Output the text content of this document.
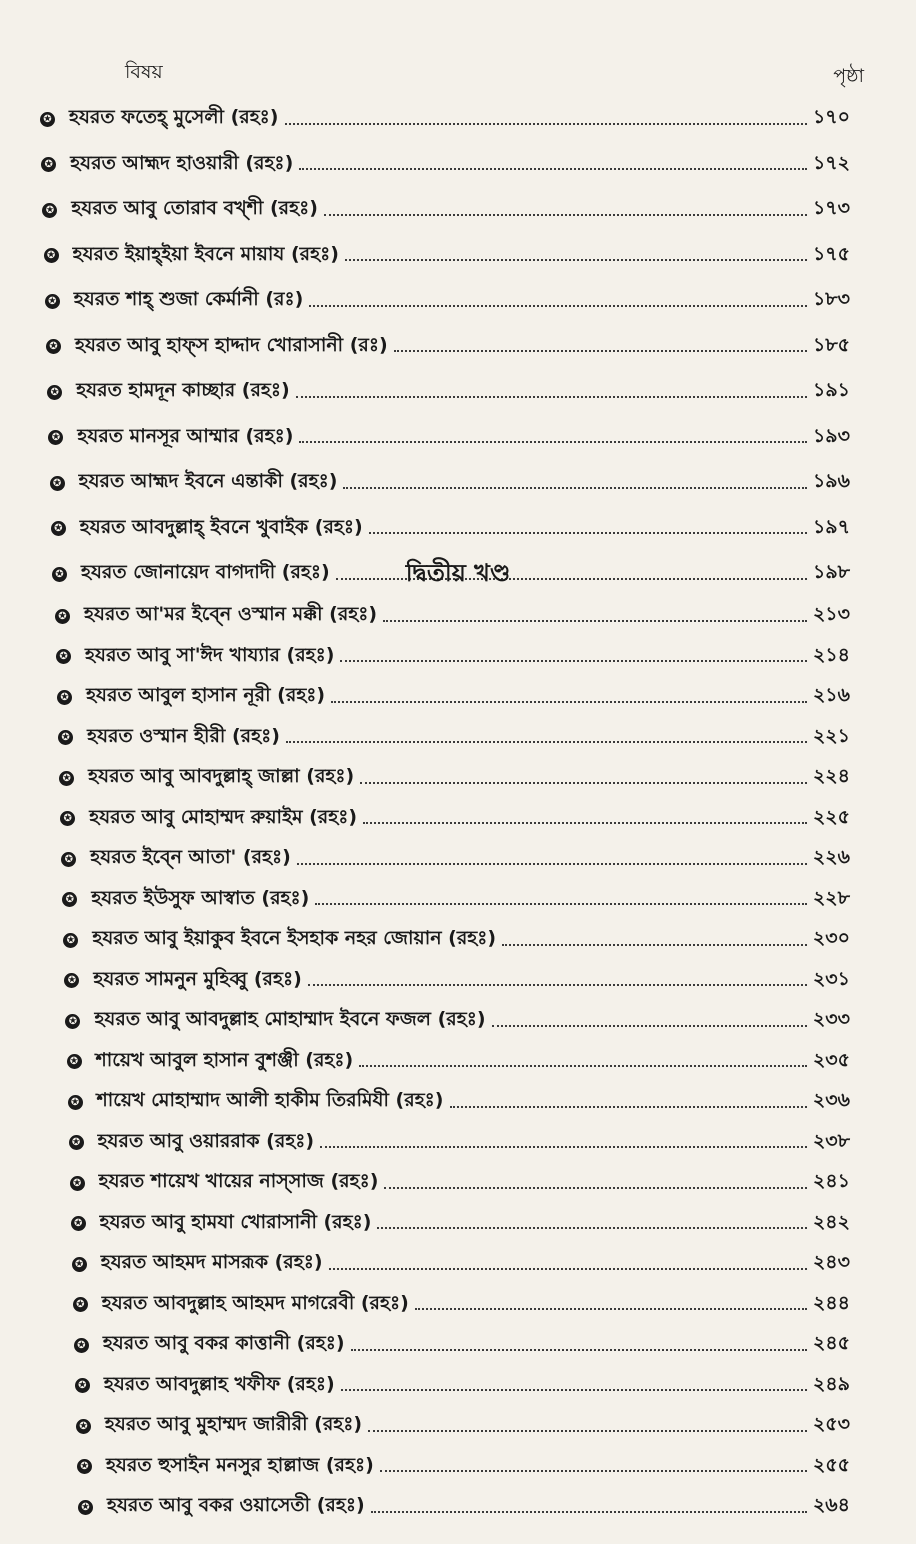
বিষয়	পৃষ্ঠা
✪ হযরত ফতেহ্ মুসেলী (রহঃ)	১৭০
✪ হযরত আহ্মদ হাওয়ারী (রহঃ)	১৭২
✪ হযরত আবু তোরাব বখ্শী (রহঃ)	১৭৩
✪ হযরত ইয়াহ্ইয়া ইবনে মায়ায (রহঃ)	১৭৫
✪ হযরত শাহ্ শুজা কের্মানী (রঃ)	১৮৩
✪ হযরত আবু হাফ্স হাদ্দাদ খোরাসানী (রঃ)	১৮৫
✪ হযরত হামদূন কাচ্ছার (রহঃ)	১৯১
✪ হযরত মানসূর আম্মার (রহঃ)	১৯৩
✪ হযরত আহ্মদ ইবনে এন্তাকী (রহঃ)	১৯৬
✪ হযরত আবদুল্লাহ্ ইবনে খুবাইক (রহঃ)	১৯৭
✪ হযরত জোনায়েদ বাগদাদী (রহঃ)	১৯৮
দ্বিতীয় খণ্ড
✪ হযরত আ'মর ইব্নে ওস্মান মক্কী (রহঃ)	২১৩
✪ হযরত আবু সা'ঈদ খায্যার (রহঃ)	২১৪
✪ হযরত আবুল হাসান নূরী (রহঃ)	২১৬
✪ হযরত ওস্মান হীরী (রহঃ)	২২১
✪ হযরত আবু আবদুল্লাহ্ জাল্লা (রহঃ)	২২৪
✪ হযরত আবু মোহাম্মদ রুয়াইম (রহঃ)	২২৫
✪ হযরত ইব্নে আতা' (রহঃ)	২২৬
✪ হযরত ইউসুফ আস্বাত (রহঃ)	২২৮
✪ হযরত আবু ইয়াকুব ইবনে ইসহাক নহর জোয়ান (রহঃ)	২৩০
✪ হযরত সামনুন মুহিব্বু (রহঃ)	২৩১
✪ হযরত আবু আবদুল্লাহ মোহাম্মাদ ইবনে ফজল (রহঃ)	২৩৩
✪ শায়েখ আবুল হাসান বুশঞ্জী (রহঃ)	২৩৫
✪ শায়েখ মোহাম্মাদ আলী হাকীম তিরমিযী (রহঃ)	২৩৬
✪ হযরত আবু ওয়াররাক (রহঃ)	২৩৮
✪ হযরত শায়েখ খায়ের নাস্সাজ (রহঃ)	২৪১
✪ হযরত আবু হামযা খোরাসানী (রহঃ)	২৪২
✪ হযরত আহমদ মাসরূক (রহঃ)	২৪৩
✪ হযরত আবদুল্লাহ আহমদ মাগরেবী (রহঃ)	২৪৪
✪ হযরত আবু বকর কাত্তানী (রহঃ)	২৪৫
✪ হযরত আবদুল্লাহ খফীফ (রহঃ)	২৪৯
✪ হযরত আবু মুহাম্মদ জারীরী (রহঃ)	২৫৩
✪ হযরত হুসাইন মনসুর হাল্লাজ (রহঃ)	২৫৫
✪ হযরত আবু বকর ওয়াসেতী (রহঃ)	২৬৪
